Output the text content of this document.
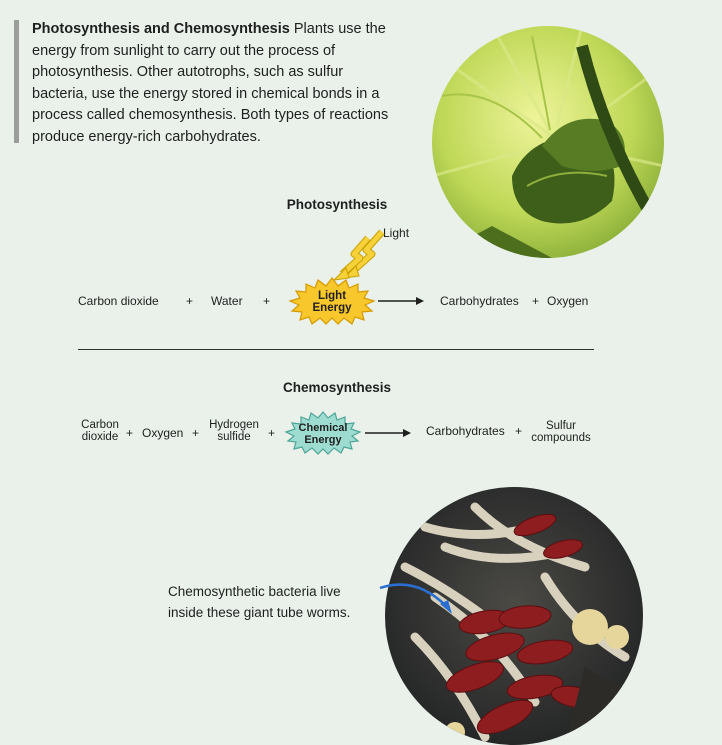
Photosynthesis and Chemosynthesis Plants use the energy from sunlight to carry out the process of photosynthesis. Other autotrophs, such as sulfur bacteria, use the energy stored in chemical bonds in a process called chemosynthesis. Both types of reactions produce energy-rich carbohydrates.
Photosynthesis
Light
Carbon dioxide + Water +	Light
Energy → Carbohydrates + Oxygen
Chemosynthesis
Carbon
dioxide + Oxygen +
Hydrogen
sulfide	+ Chemical
Energy
→ Carbohydrates +	Sulfur
compounds
Chemosynthetic bacteria live
inside these giant tube worms.
